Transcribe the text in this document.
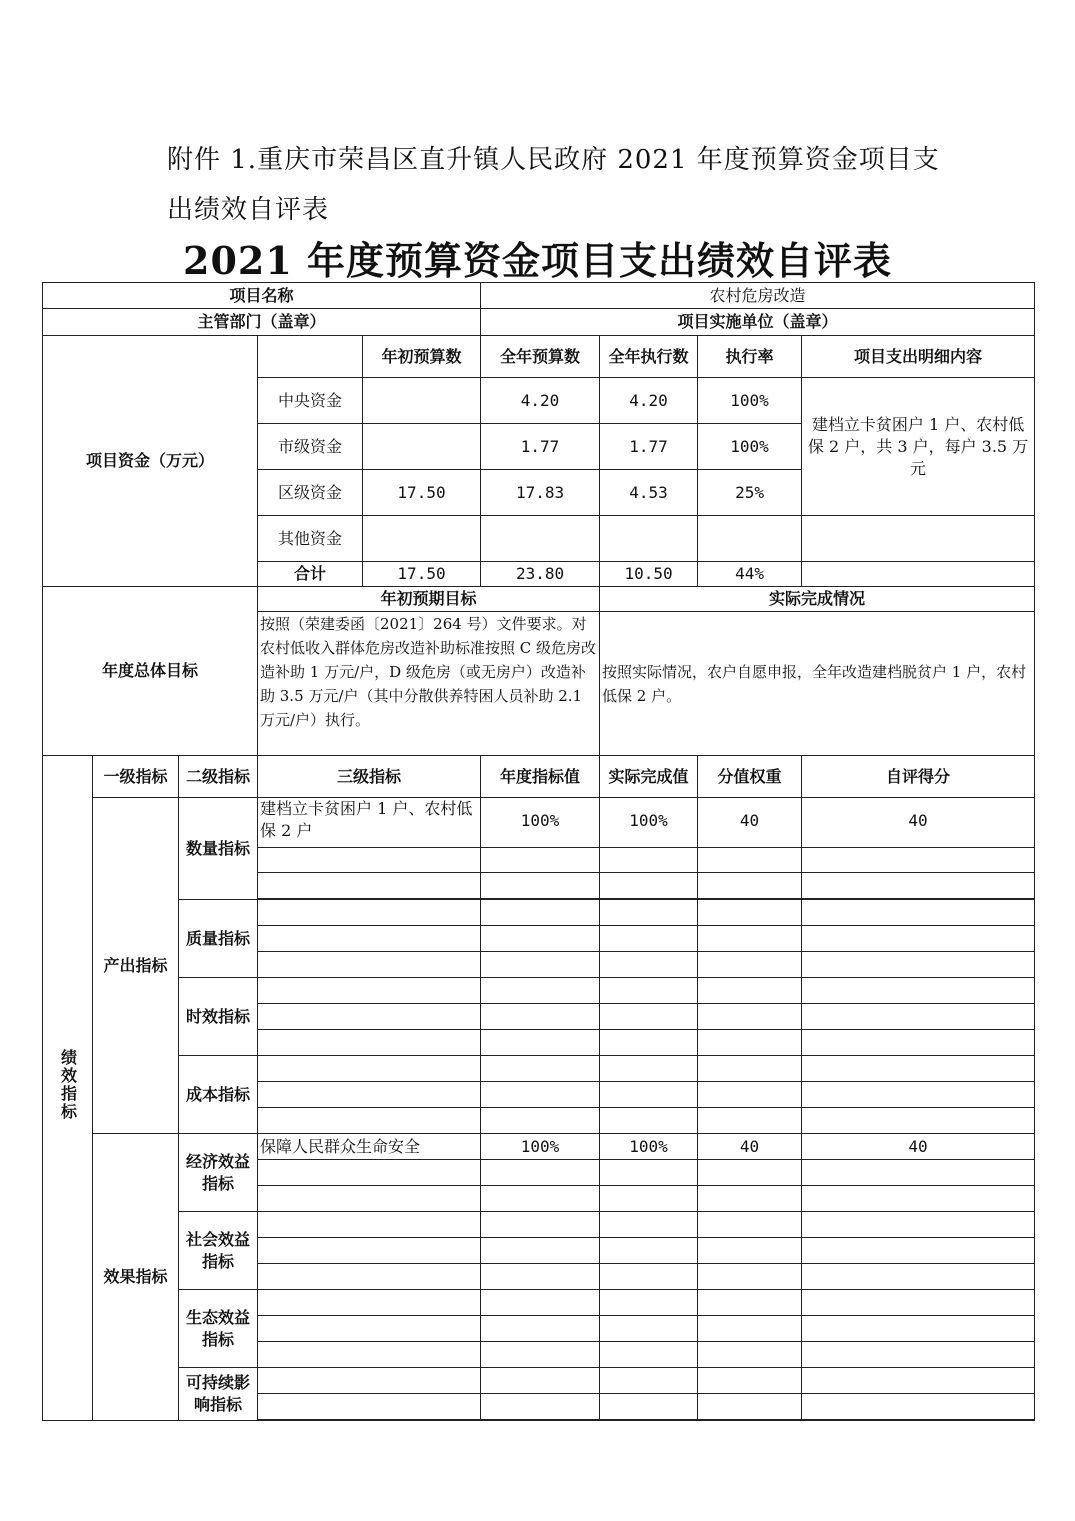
附件 1.重庆市荣昌区直升镇人民政府 2021 年度预算资金项目支出绩效自评表
2021 年度预算资金项目支出绩效自评表
项目名称					农村危房改造			
主管部门（盖章）					项目实施单位（盖章）			
项目资金（万元）				年初预算数	全年预算数	全年执行数	执行率	项目支出明细内容
			中央资金		4.20	4.20	100%	建档立卡贫困户 1 户、农村低保 2 户，共 3 户，每户 3.5 万元
			市级资金		1.77	1.77	100%	
			区级资金	17.50	17.83	4.53	25%	
			其他资金					
			合计	17.50	23.80	10.50	44%	
年度总体目标			年初预期目标			实际完成情况		
			按照（荣建委函〔2021〕264 号）文件要求。对农村低收入群体危房改造补助标准按照 C 级危房改造补助 1 万元/户，D 级危房（或无房户）改造补助 3.5 万元/户（其中分散供养特困人员补助 2.1 万元/户）执行。			按照实际情况，农户自愿申报，全年改造建档脱贫户 1 户，农村低保 2 户。		
绩效指标	一级指标	二级指标	三级指标		年度指标值	实际完成值	分值权重	自评得分
	产出指标	数量指标	建档立卡贫困户 1 户、农村低保 2 户		100%	100%	40	40

		质量指标						

		时效指标						

		成本指标						

	效果指标	经济效益指标	保障人民群众生命安全		100%	100%	40	40

		社会效益指标						

		生态效益指标						

		可持续影响指标						
